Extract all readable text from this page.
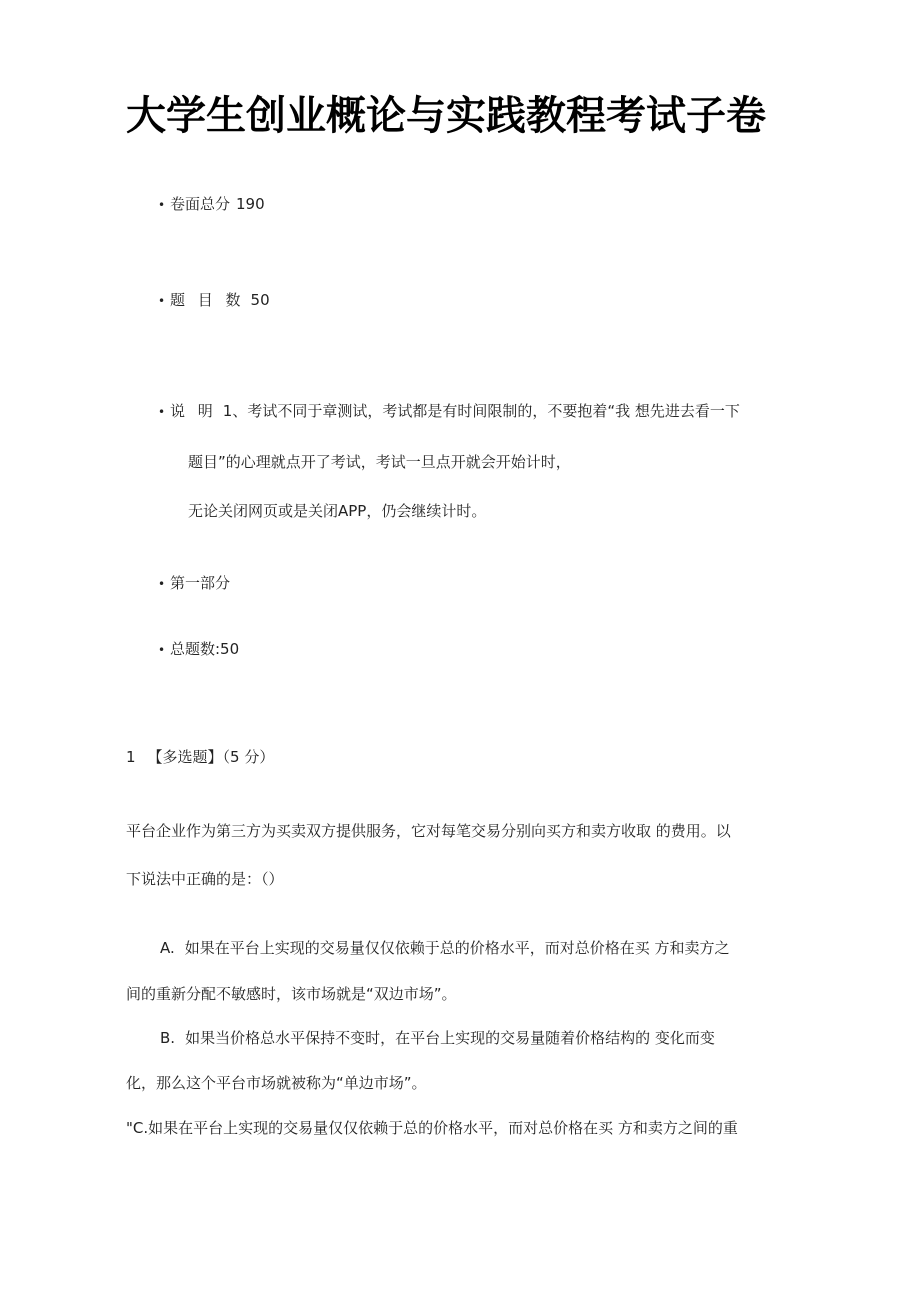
大学生创业概论与实践教程考试子卷
• 卷面总分 190
• 题 目 数 50
• 说 明 1、考试不同于章测试，考试都是有时间限制的，不要抱着“我 想先进去看一下
题目”的心理就点开了考试，考试一旦点开就会开始计时，
无论关闭网页或是关闭APP，仍会继续计时。
• 第一部分
• 总题数:50
1 【多选题】（5 分）
平台企业作为第三方为买卖双方提供服务，它对每笔交易分别向买方和卖方收取 的费用。以
下说法中正确的是：（）
A. 如果在平台上实现的交易量仅仅依赖于总的价格水平，而对总价格在买 方和卖方之
间的重新分配不敏感时，该市场就是“双边市场”。
B. 如果当价格总水平保持不变时，在平台上实现的交易量随着价格结构的 变化而变
化，那么这个平台市场就被称为“单边市场”。
"C.如果在平台上实现的交易量仅仅依赖于总的价格水平，而对总价格在买 方和卖方之间的重
